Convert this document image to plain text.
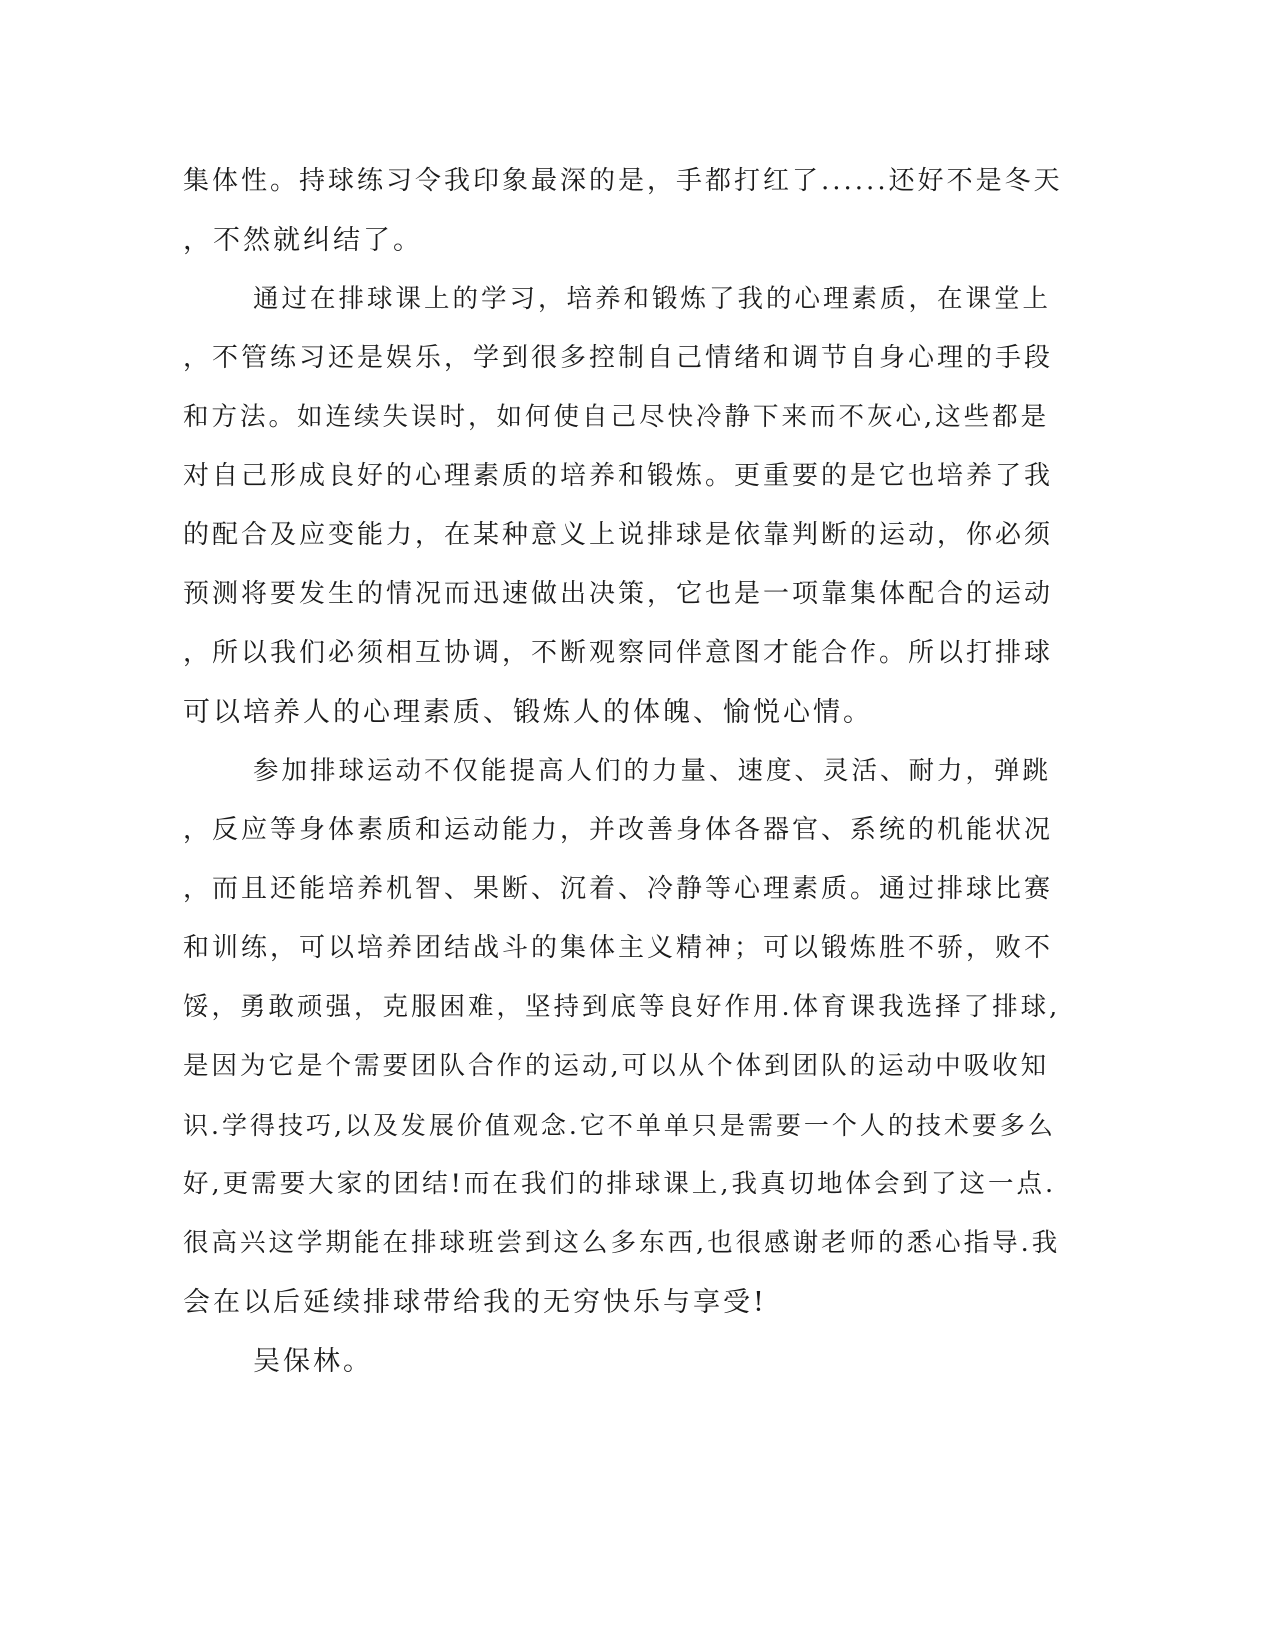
集体性。持球练习令我印象最深的是，手都打红了......还好不是冬天
，不然就纠结了。
通过在排球课上的学习，培养和锻炼了我的心理素质，在课堂上
，不管练习还是娱乐，学到很多控制自己情绪和调节自身心理的手段
和方法。如连续失误时，如何使自己尽快冷静下来而不灰心,这些都是
对自己形成良好的心理素质的培养和锻炼。更重要的是它也培养了我
的配合及应变能力，在某种意义上说排球是依靠判断的运动，你必须
预测将要发生的情况而迅速做出决策，它也是一项靠集体配合的运动
，所以我们必须相互协调，不断观察同伴意图才能合作。所以打排球
可以培养人的心理素质、锻炼人的体魄、愉悦心情。
参加排球运动不仅能提高人们的力量、速度、灵活、耐力，弹跳
，反应等身体素质和运动能力，并改善身体各器官、系统的机能状况
，而且还能培养机智、果断、沉着、冷静等心理素质。通过排球比赛
和训练，可以培养团结战斗的集体主义精神；可以锻炼胜不骄，败不
馁，勇敢顽强，克服困难，坚持到底等良好作用.体育课我选择了排球,
是因为它是个需要团队合作的运动,可以从个体到团队的运动中吸收知
识.学得技巧,以及发展价值观念.它不单单只是需要一个人的技术要多么
好,更需要大家的团结!而在我们的排球课上,我真切地体会到了这一点.
很高兴这学期能在排球班尝到这么多东西,也很感谢老师的悉心指导.我
会在以后延续排球带给我的无穷快乐与享受!
吴保林。
